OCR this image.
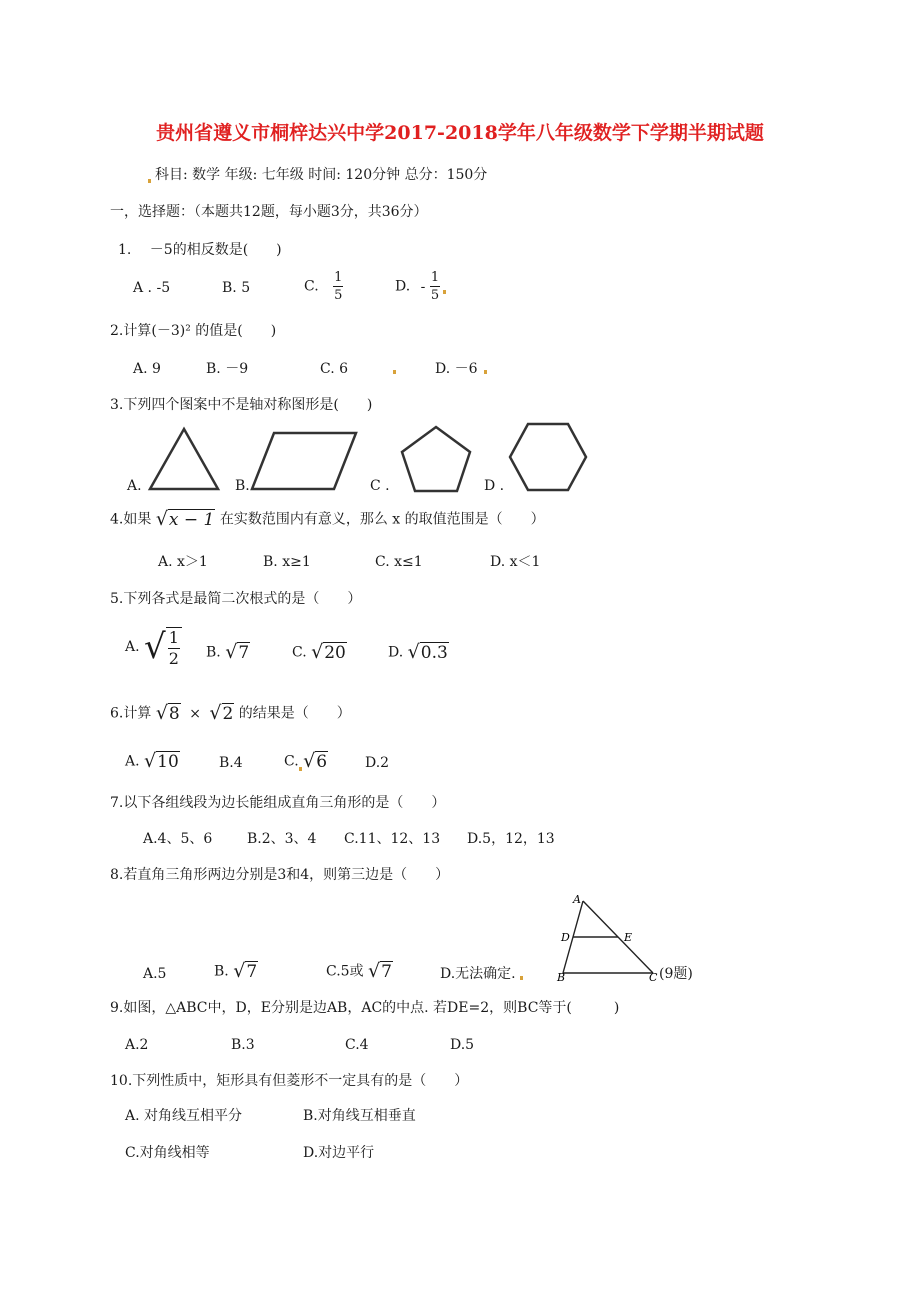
贵州省遵义市桐梓达兴中学2017-2018学年八年级数学下学期半期试题
科目: 数学 年级: 七年级 时间: 120分钟 总分：150分
一，选择题：（本题共12题，每小题3分，共36分）
1.　 －5的相反数是(　　)
A . -5	B. 5	C. $\frac{1}{5}$	D. - $\frac{1}{5}$
2.计算(－3)² 的值是(　　)
A. 9	B. －9	C. 6	D. －6
3.下列四个图案中不是轴对称图形是(　　)
A.	B.	C .	D .
4.如果 √x − 1 在实数范围内有意义，那么 x 的取值范围是（　　）
A. x＞1	B. x≥1	C. x≤1	D. x＜1
5.下列各式是最简二次根式的是（　　）
A. √ $\frac{1}{2} B$. √7	C. √20	D. √0.3
6.计算 √8 × √2 的结果是（　　）
A. √10	B.4	C. √6	D.2
7.以下各组线段为边长能组成直角三角形的是（　　）
A.4、5、6 B.2、3、4 C.11、12、13 D.5，12，13
8.若直角三角形两边分别是3和4，则第三边是（　　）
A.5	B. √7	C.5或 √7	D.无法确定.
A
D	E
B	C (9题)
9.如图，△ABC中，D，E分别是边AB，AC的中点. 若DE=2，则BC等于(　　　)
A.2	B.3	C.4	D.5
10.下列性质中，矩形具有但菱形不一定具有的是（　　）
A. 对角线互相平分	B.对角线互相垂直
C.对角线相等	D.对边平行
